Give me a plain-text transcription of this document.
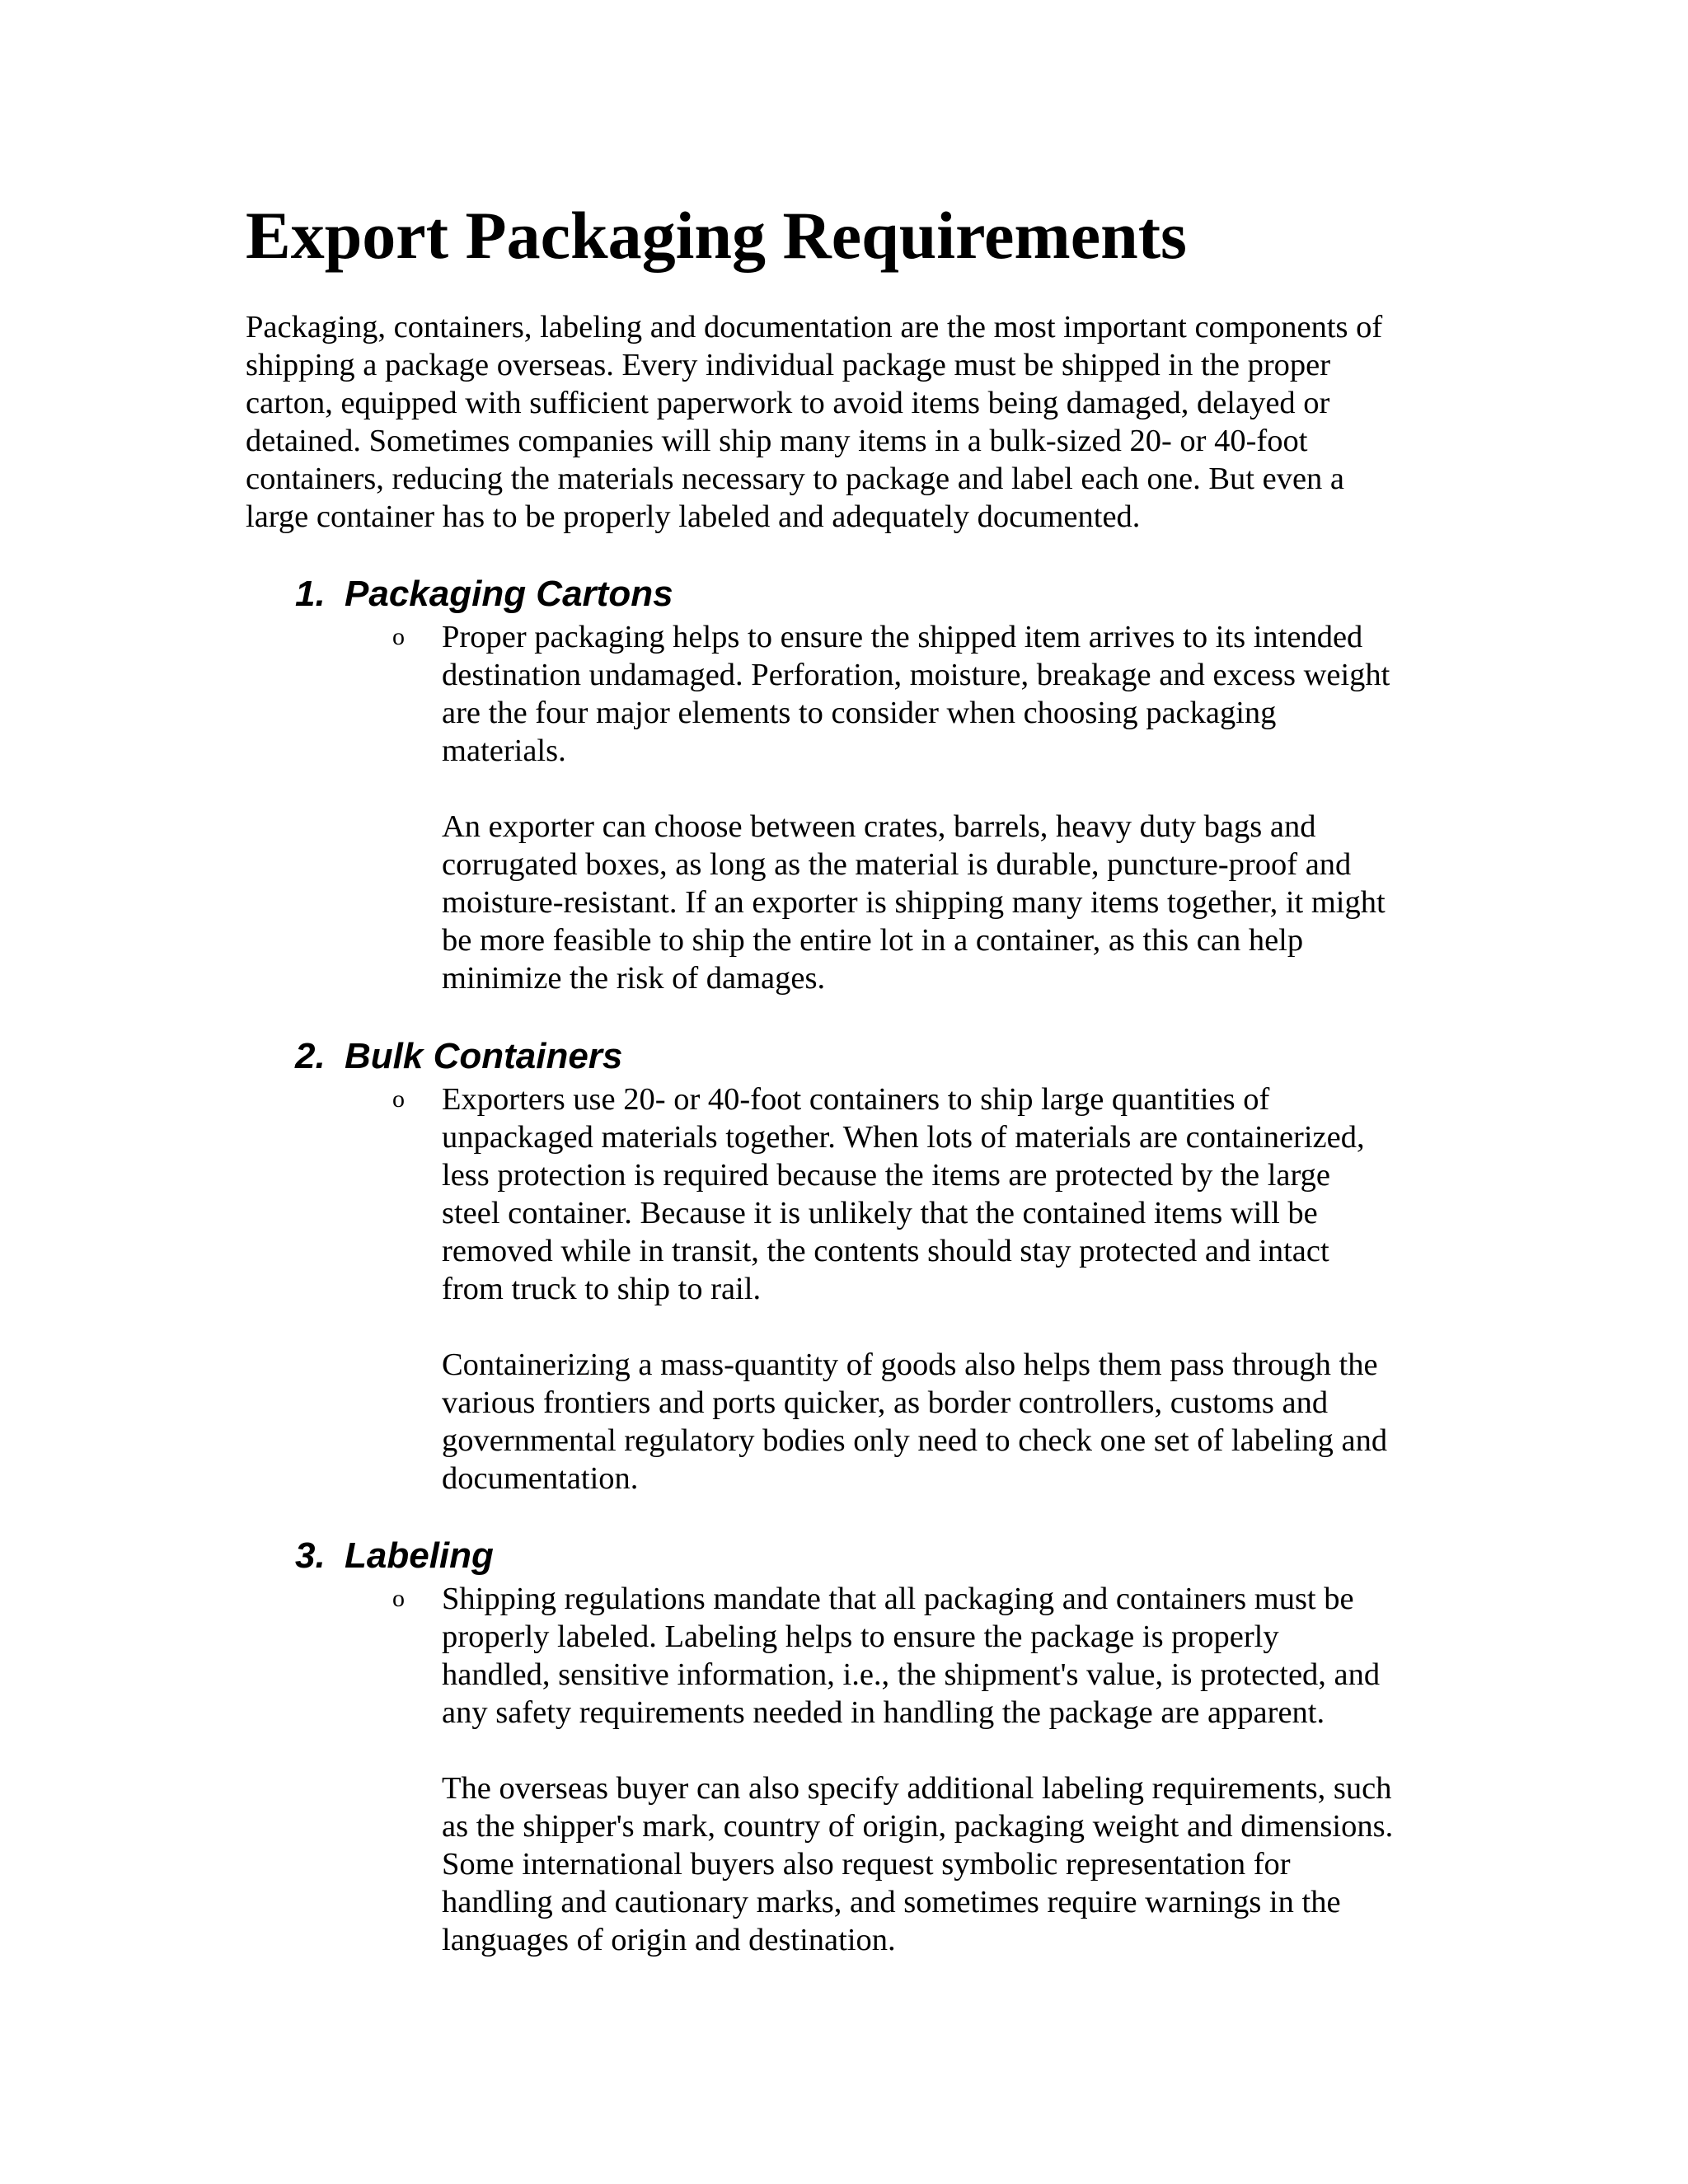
Export Packaging Requirements

Packaging, containers, labeling and documentation are the most important components of
shipping a package overseas. Every individual package must be shipped in the proper
carton, equipped with sufficient paperwork to avoid items being damaged, delayed or
detained. Sometimes companies will ship many items in a bulk-sized 20- or 40-foot
containers, reducing the materials necessary to package and label each one. But even a
large container has to be properly labeled and adequately documented.

1. Packaging Cartons
o Proper packaging helps to ensure the shipped item arrives to its intended
destination undamaged. Perforation, moisture, breakage and excess weight
are the four major elements to consider when choosing packaging
materials.

An exporter can choose between crates, barrels, heavy duty bags and
corrugated boxes, as long as the material is durable, puncture-proof and
moisture-resistant. If an exporter is shipping many items together, it might
be more feasible to ship the entire lot in a container, as this can help
minimize the risk of damages.

2. Bulk Containers
o Exporters use 20- or 40-foot containers to ship large quantities of
unpackaged materials together. When lots of materials are containerized,
less protection is required because the items are protected by the large
steel container. Because it is unlikely that the contained items will be
removed while in transit, the contents should stay protected and intact
from truck to ship to rail.

Containerizing a mass-quantity of goods also helps them pass through the
various frontiers and ports quicker, as border controllers, customs and
governmental regulatory bodies only need to check one set of labeling and
documentation.

3. Labeling
o Shipping regulations mandate that all packaging and containers must be
properly labeled. Labeling helps to ensure the package is properly
handled, sensitive information, i.e., the shipment's value, is protected, and
any safety requirements needed in handling the package are apparent.

The overseas buyer can also specify additional labeling requirements, such
as the shipper's mark, country of origin, packaging weight and dimensions.
Some international buyers also request symbolic representation for
handling and cautionary marks, and sometimes require warnings in the
languages of origin and destination.
